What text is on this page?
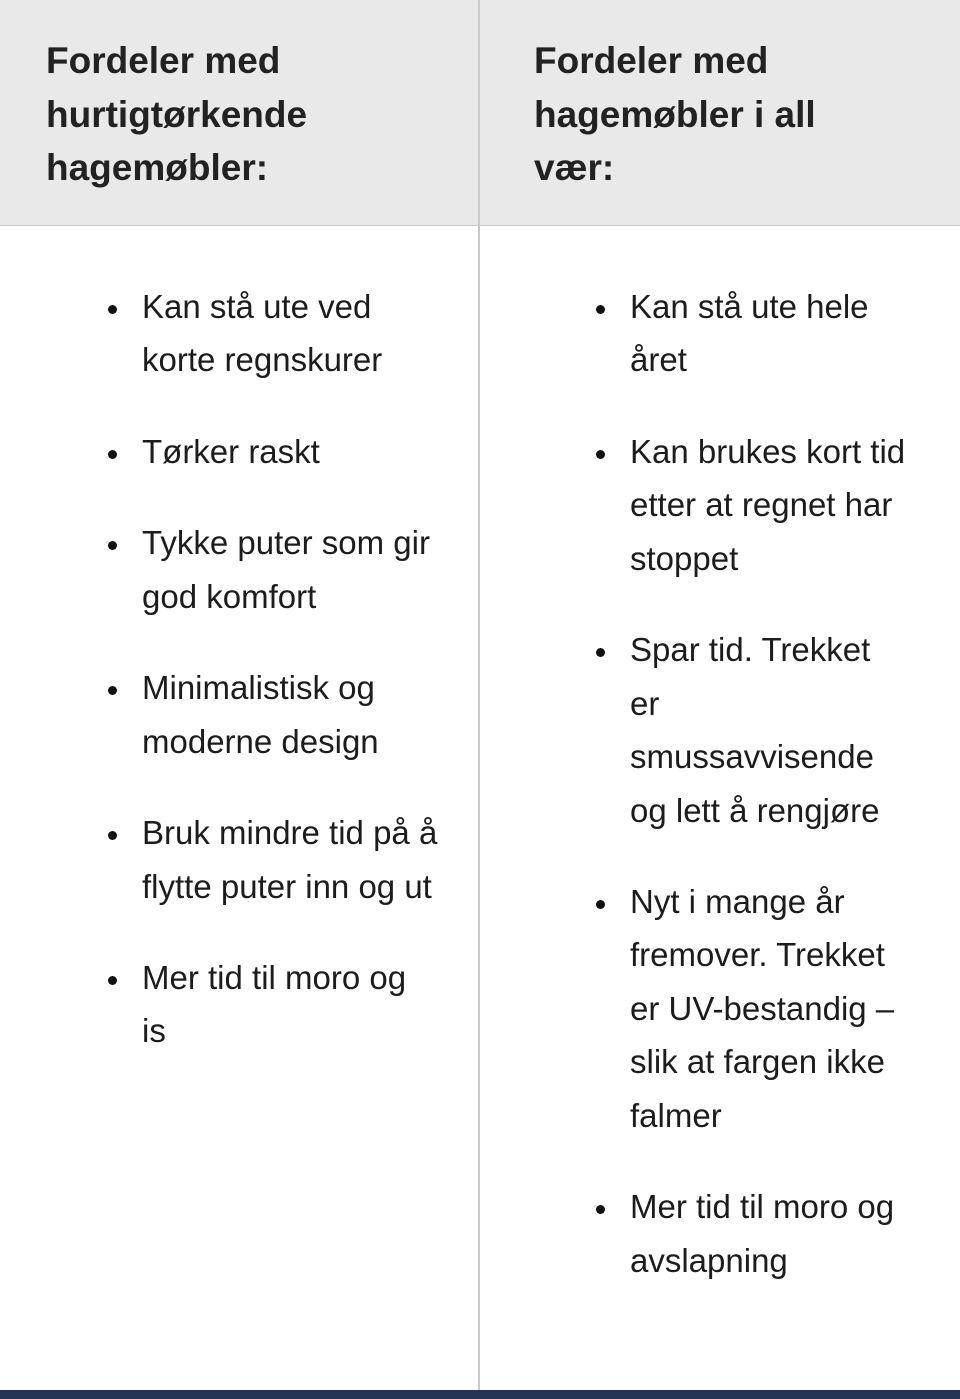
Fordeler med hurtigtørkende hagemøbler:
• Kan stå ute ved korte regnskurer
• Tørker raskt
• Tykke puter som gir god komfort
• Minimalistisk og moderne design
• Bruk mindre tid på å flytte puter inn og ut
• Mer tid til moro og is
Fordeler med hagemøbler i all vær:
• Kan stå ute hele året
• Kan brukes kort tid etter at regnet har stoppet
• Spar tid. Trekket er smussavvisende og lett å rengjøre
• Nyt i mange år fremover. Trekket er UV-bestandig – slik at fargen ikke falmer
• Mer tid til moro og avslapning
